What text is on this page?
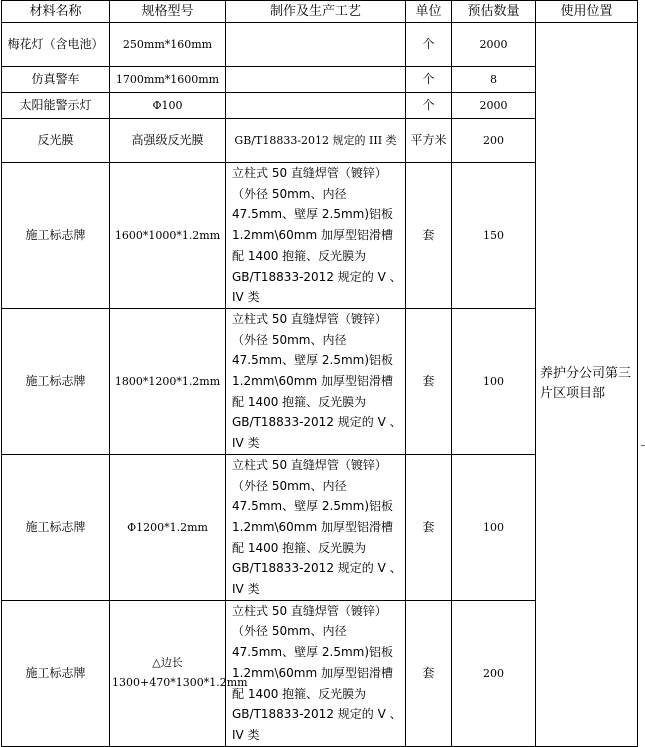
材料名称	规格型号	制作及生产工艺	单位	预估数量	使用位置
梅花灯（含电池）	250mm*160mm		个	2000	养护分公司第三片区项目部
仿真警车	1700mm*1600mm		个	8	
太阳能警示灯	Φ100		个	2000	
反光膜	高强级反光膜	GB/T18833-2012 规定的 III 类	平方米	200	
施工标志牌	1600*1000*1.2mm	立柱式 50 直缝焊管（镀锌）（外径 50mm、内径 47.5mm、壁厚 2.5mm)铝板 1.2mm\60mm 加厚型铝滑槽 配 1400 抱箍、反光膜为 GB/T18833-2012 规定的 V 、IV 类	套	150	
施工标志牌	1800*1200*1.2mm	立柱式 50 直缝焊管（镀锌）（外径 50mm、内径 47.5mm、壁厚 2.5mm)铝板 1.2mm\60mm 加厚型铝滑槽 配 1400 抱箍、反光膜为 GB/T18833-2012 规定的 V 、IV 类	套	100	
施工标志牌	Φ1200*1.2mm	立柱式 50 直缝焊管（镀锌）（外径 50mm、内径 47.5mm、壁厚 2.5mm)铝板 1.2mm\60mm 加厚型铝滑槽 配 1400 抱箍、反光膜为 GB/T18833-2012 规定的 V 、IV 类	套	100	
施工标志牌	△边长 1300+470*1300*1.2mm	立柱式 50 直缝焊管（镀锌）（外径 50mm、内径 47.5mm、壁厚 2.5mm)铝板 1.2mm\60mm 加厚型铝滑槽 配 1400 抱箍、反光膜为 GB/T18833-2012 规定的 V 、IV 类	套	200	
